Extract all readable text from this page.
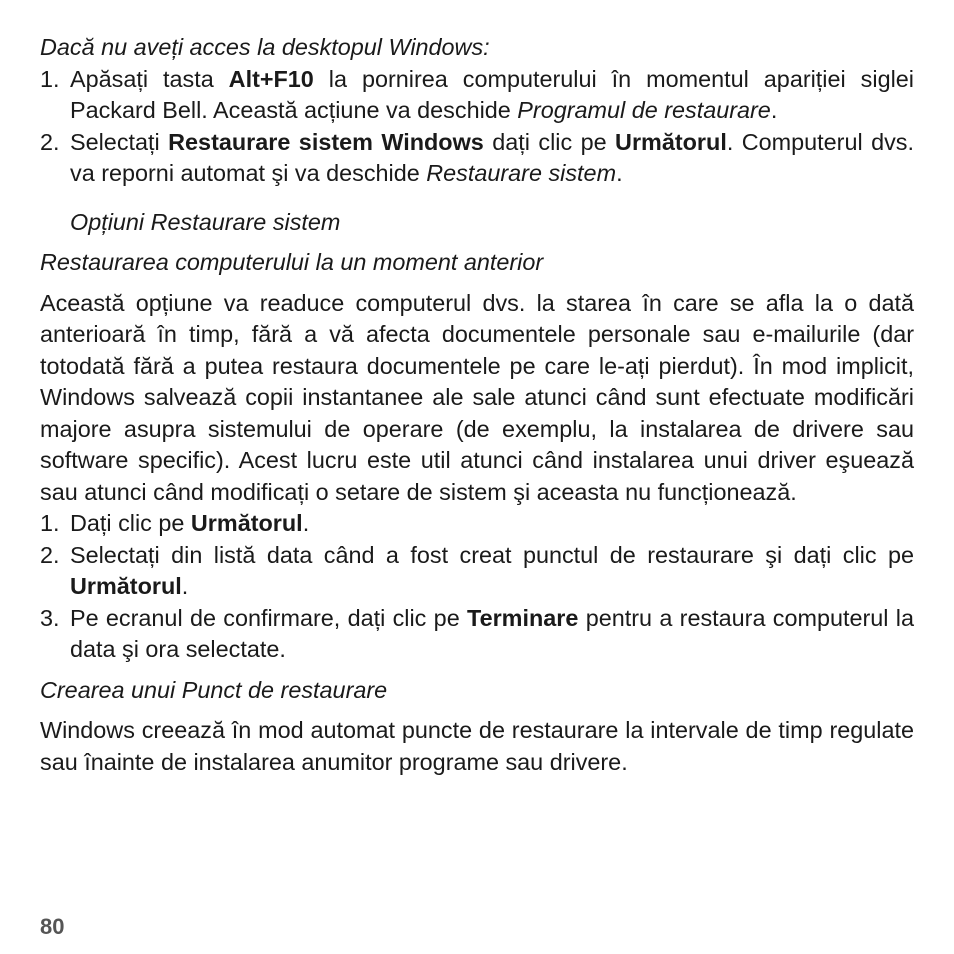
Dacă nu aveți acces la desktopul Windows:

1. Apăsați tasta Alt+F10 la pornirea computerului în momentul apariției siglei Packard Bell. Această acțiune va deschide Programul de restaurare.

2. Selectați Restaurare sistem Windows dați clic pe Următorul. Computerul dvs. va reporni automat şi va deschide Restaurare sistem.

Opțiuni Restaurare sistem

Restaurarea computerului la un moment anterior

Această opțiune va readuce computerul dvs. la starea în care se afla la o dată anterioară în timp, fără a vă afecta documentele personale sau e-mailurile (dar totodată fără a putea restaura documentele pe care le-ați pierdut). În mod implicit, Windows salvează copii instantanee ale sale atunci când sunt efectuate modificări majore asupra sistemului de operare (de exemplu, la instalarea de drivere sau software specific). Acest lucru este util atunci când instalarea unui driver eşuează sau atunci când modificați o setare de sistem şi aceasta nu funcționează.

1. Dați clic pe Următorul.

2. Selectați din listă data când a fost creat punctul de restaurare şi dați clic pe Următorul.

3. Pe ecranul de confirmare, dați clic pe Terminare pentru a restaura computerul la data şi ora selectate.

Crearea unui Punct de restaurare

Windows creează în mod automat puncte de restaurare la intervale de timp regulate sau înainte de instalarea anumitor programe sau drivere.

80
